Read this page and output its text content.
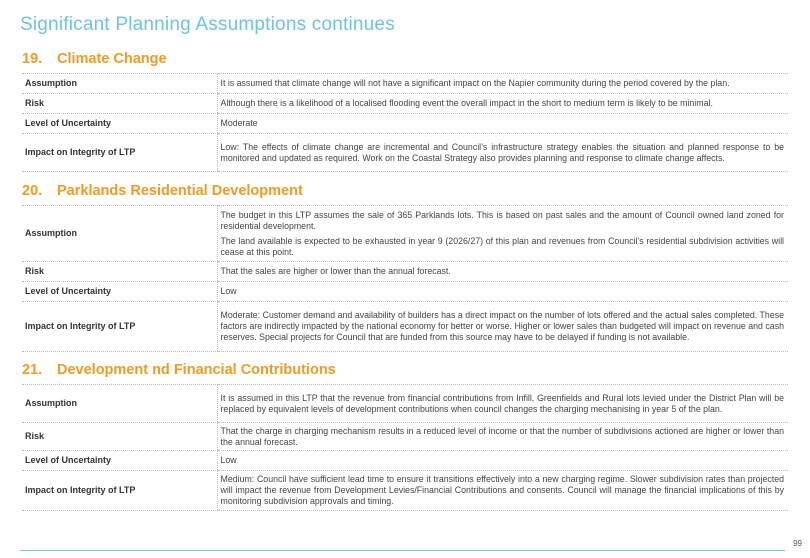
Significant Planning Assumptions continues
19. Climate Change
Assumption	It is assumed that climate change will not have a significant impact on the Napier community during the period covered by the plan.

Risk	Although there is a likelihood of a localised flooding event the overall impact in the short to medium term is likely to be minimal.

Level of Uncertainty	Moderate

Impact on Integrity of LTP	Low: The effects of climate change are incremental and Council’s infrastructure strategy enables the situation and planned response to be monitored and updated as required. Work on the Coastal Strategy also provides planning and response to climate change affects.

20. Parklands Residential Development
Assumption	The budget in this LTP assumes the sale of 365 Parklands lots. This is based on past sales and the amount of Council owned land zoned for residential development.

The land available is expected to be exhausted in year 9 (2026/27) of this plan and revenues from Council’s residential subdivision activities will cease at this point.

Risk	That the sales are higher or lower than the annual forecast.

Level of Uncertainty	Low

Impact on Integrity of LTP	Moderate: Customer demand and availability of builders has a direct impact on the number of lots offered and the actual sales completed. These factors are indirectly impacted by the national economy for better or worse. Higher or lower sales than budgeted will impact on revenue and cash reserves. Special projects for Council that are funded from this source may have to be delayed if funding is not available.

21. Development nd Financial Contributions
Assumption	It is assumed in this LTP that the revenue from financial contributions from Infill, Greenfields and Rural lots levied under the District Plan will be replaced by equivalent levels of development contributions when council changes the charging mechanising in year 5 of the plan.

Risk	That the charge in charging mechanism results in a reduced level of income or that the number of subdivisions actioned are higher or lower than the annual forecast.

Level of Uncertainty	Low

Impact on Integrity of LTP	Medium: Council have sufficient lead time to ensure it transitions effectively into a new charging regime. Slower subdivision rates than projected will impact the revenue from Development Levies/Financial Contributions and consents. Council will manage the financial implications of this by monitoring subdivision approvals and timing.

99
